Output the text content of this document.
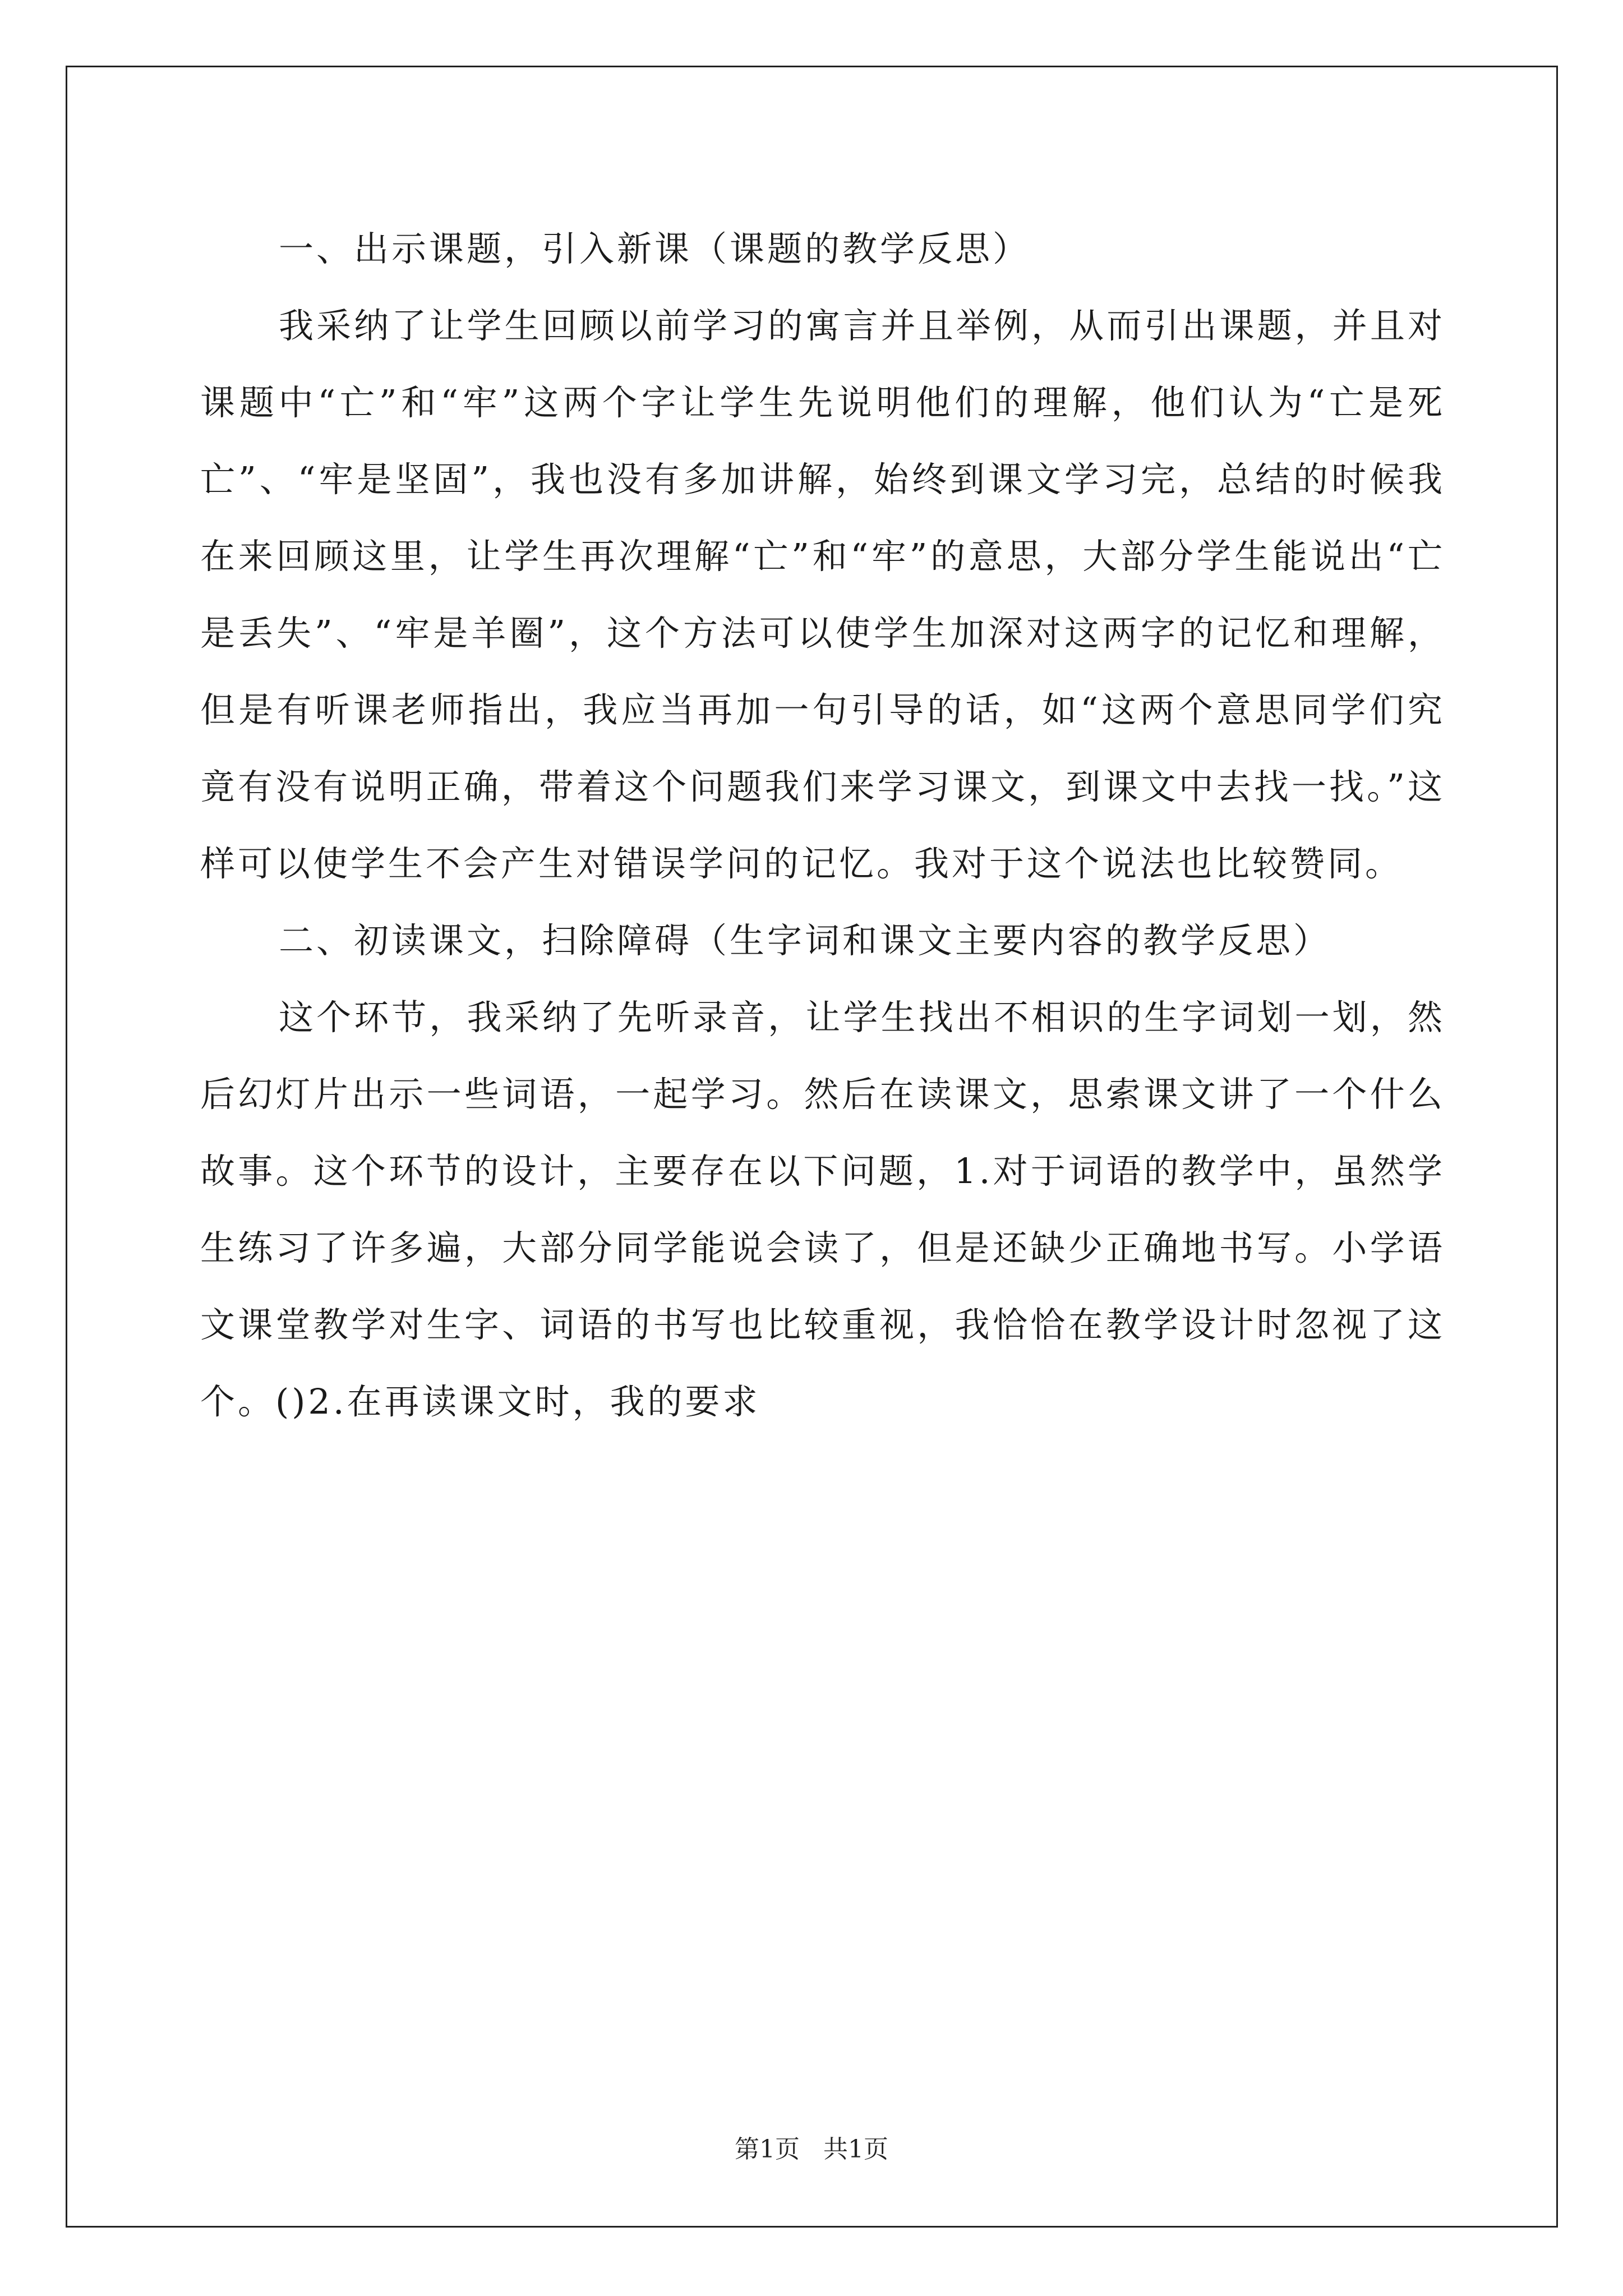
一、出示课题，引入新课（课题的教学反思）

我采纳了让学生回顾以前学习的寓言并且举例，从而引出课题，并且对课题中“亡”和“牢”这两个字让学生先说明他们的理解，他们认为“亡是死亡”、“牢是坚固”，我也没有多加讲解，始终到课文学习完，总结的时候我在来回顾这里，让学生再次理解“亡”和“牢”的意思，大部分学生能说出“亡是丢失”、“牢是羊圈”，这个方法可以使学生加深对这两字的记忆和理解，但是有听课老师指出，我应当再加一句引导的话，如“这两个意思同学们究竟有没有说明正确，带着这个问题我们来学习课文，到课文中去找一找。”这样可以使学生不会产生对错误学问的记忆。我对于这个说法也比较赞同。

二、初读课文，扫除障碍（生字词和课文主要内容的教学反思）

这个环节，我采纳了先听录音，让学生找出不相识的生字词划一划，然后幻灯片出示一些词语，一起学习。然后在读课文，思索课文讲了一个什么故事。这个环节的设计，主要存在以下问题，1.对于词语的教学中，虽然学生练习了许多遍，大部分同学能说会读了，但是还缺少正确地书写。小学语文课堂教学对生字、词语的书写也比较重视，我恰恰在教学设计时忽视了这个。()2.在再读课文时，我的要求

第1页 共1页
